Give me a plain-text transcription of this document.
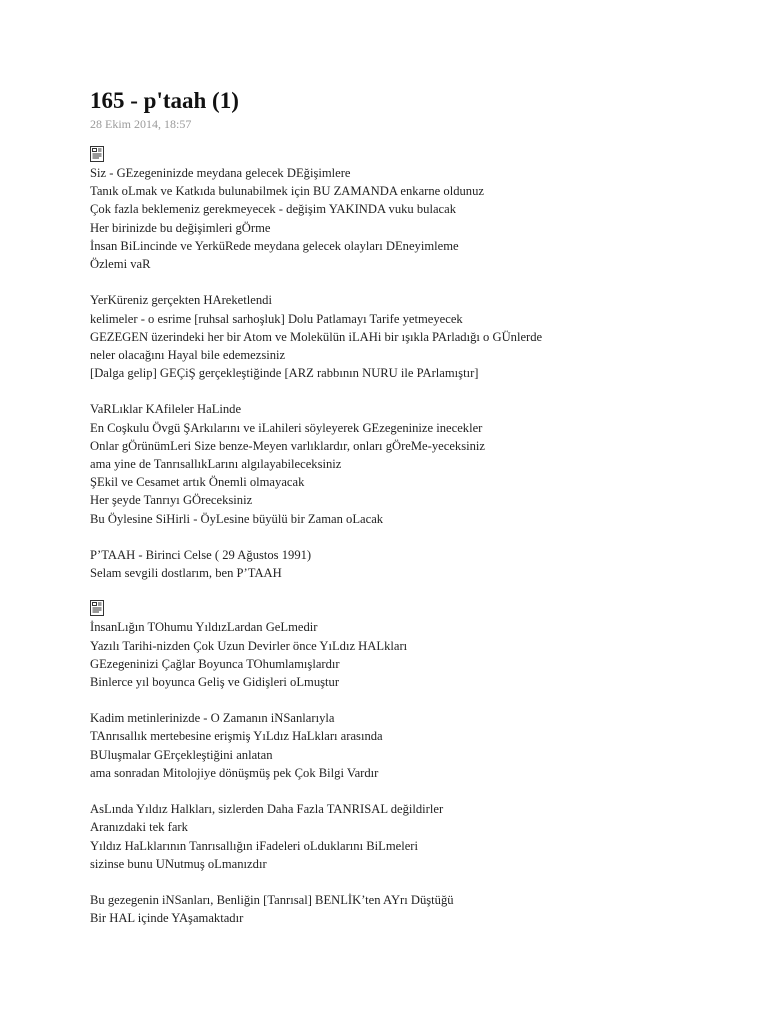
165 - p'taah (1)
28 Ekim 2014, 18:57
Siz - GEzegeninizde meydana gelecek DEğişimlere
Tanık oLmak ve Katkıda bulunabilmek için BU ZAMANDA enkarne oldunuz
Çok fazla beklemeniz gerekmeyecek - değişim YAKINDA vuku bulacak
Her birinizde bu değişimleri gÖrme
İnsan BiLincinde ve YerküRede meydana gelecek olayları DEneyimleme
Özlemi vaR
YerKüreniz gerçekten HAreketlendi
kelimeler - o esrime [ruhsal sarhoşluk] Dolu Patlamayı Tarife yetmeyecek
GEZEGEN üzerindeki her bir Atom ve Molekülün iLAHi bir ışıkla PArladığı o GÜnlerde
neler olacağını Hayal bile edemezsiniz
[Dalga gelip] GEÇiŞ gerçekleştiğinde [ARZ rabbının NURU ile PArlamıştır]
VaRLıklar KAfileler HaLinde
En Coşkulu Övgü ŞArkılarını ve iLahileri söyleyerek GEzegeninize inecekler
Onlar gÖrünümLeri Size benze-Meyen varlıklardır, onları gÖreMe-yeceksiniz
ama yine de TanrısallıkLarını algılayabileceksiniz
ŞEkil ve Cesamet artık Önemli olmayacak
Her şeyde Tanrıyı GÖreceksiniz
Bu Öylesine SiHirli - ÖyLesine büyülü bir Zaman oLacak
P’TAAH - Birinci Celse ( 29 Ağustos 1991)
Selam sevgili dostlarım, ben P’TAAH
İnsanLığın TOhumu YıldızLardan GeLmedir
Yazılı Tarihi-nizden Çok Uzun Devirler önce YıLdız HALkları
GEzegeninizi Çağlar Boyunca TOhumlamışlardır
Binlerce yıl boyunca Geliş ve Gidişleri oLmuştur
Kadim metinlerinizde - O Zamanın iNSanlarıyla
TAnrısallık mertebesine erişmiş YıLdız HaLkları arasında
BUluşmalar GErçekleştiğini anlatan
ama sonradan Mitolojiye dönüşmüş pek Çok Bilgi Vardır
AsLında Yıldız Halkları, sizlerden Daha Fazla TANRISAL değildirler
Aranızdaki tek fark
Yıldız HaLklarının Tanrısallığın iFadeleri oLduklarını BiLmeleri
sizinse bunu UNutmuş oLmanızdır
Bu gezegenin iNSanları, Benliğin [Tanrısal] BENLİK’ten AYrı Düştüğü
Bir HAL içinde YAşamaktadır
